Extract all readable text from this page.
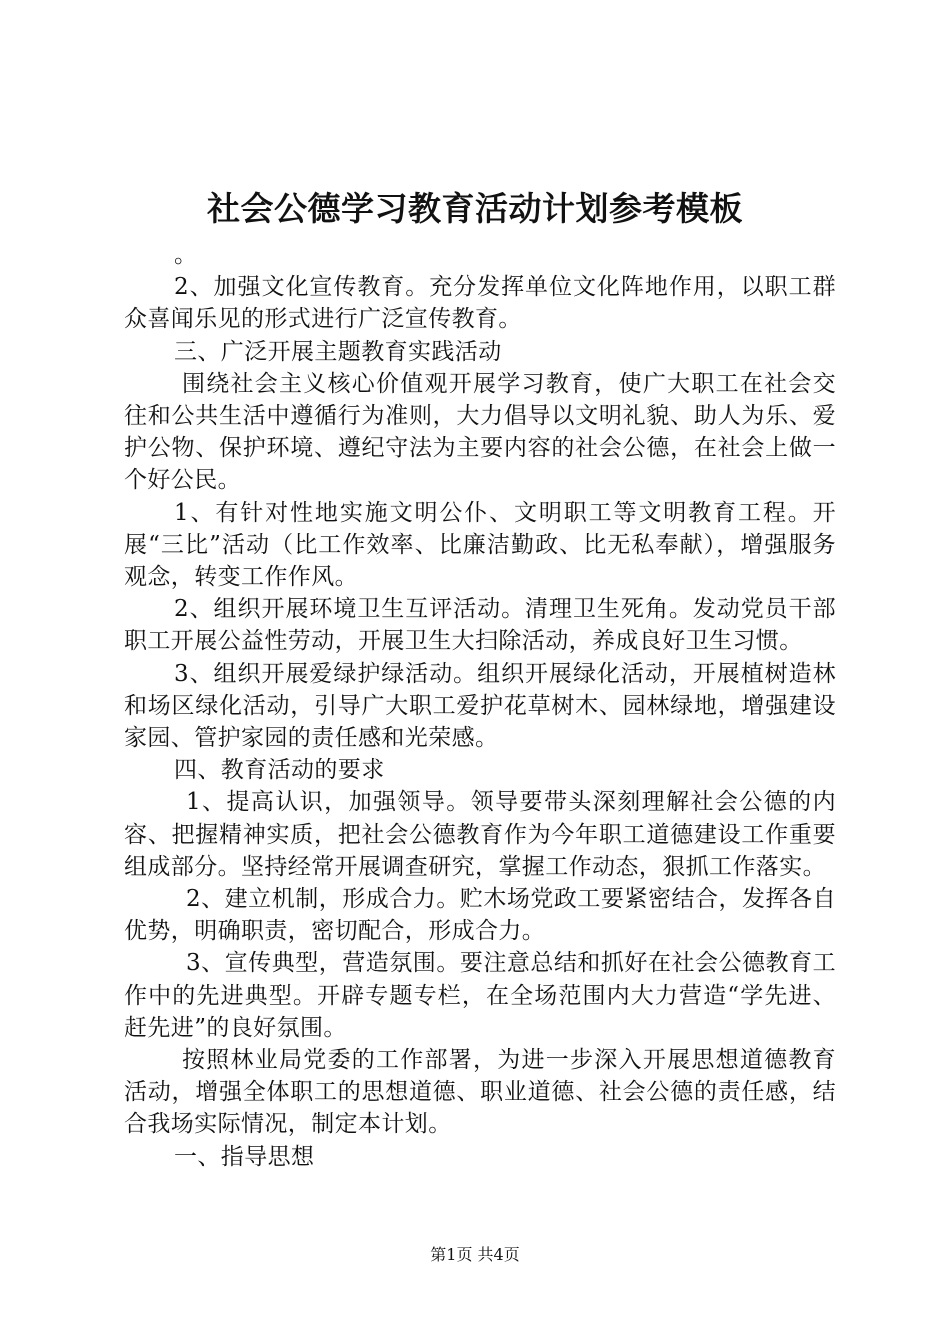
社会公德学习教育活动计划参考模板

。

2、加强文化宣传教育。充分发挥单位文化阵地作用，以职工群众喜闻乐见的形式进行广泛宣传教育。

三、广泛开展主题教育实践活动

围绕社会主义核心价值观开展学习教育，使广大职工在社会交往和公共生活中遵循行为准则，大力倡导以文明礼貌、助人为乐、爱护公物、保护环境、遵纪守法为主要内容的社会公德，在社会上做一个好公民。

1、有针对性地实施文明公仆、文明职工等文明教育工程。开展“三比”活动（比工作效率、比廉洁勤政、比无私奉献），增强服务观念，转变工作作风。

2、组织开展环境卫生互评活动。清理卫生死角。发动党员干部职工开展公益性劳动，开展卫生大扫除活动，养成良好卫生习惯。

3、组织开展爱绿护绿活动。组织开展绿化活动，开展植树造林和场区绿化活动，引导广大职工爱护花草树木、园林绿地，增强建设家园、管护家园的责任感和光荣感。

四、教育活动的要求

1、提高认识，加强领导。领导要带头深刻理解社会公德的内容、把握精神实质，把社会公德教育作为今年职工道德建设工作重要组成部分。坚持经常开展调查研究，掌握工作动态，狠抓工作落实。

2、建立机制，形成合力。贮木场党政工要紧密结合，发挥各自优势，明确职责，密切配合，形成合力。

3、宣传典型，营造氛围。要注意总结和抓好在社会公德教育工作中的先进典型。开辟专题专栏，在全场范围内大力营造“学先进、赶先进”的良好氛围。

按照林业局党委的工作部署，为进一步深入开展思想道德教育活动，增强全体职工的思想道德、职业道德、社会公德的责任感，结合我场实际情况，制定本计划。

一、指导思想

第1页 共4页
